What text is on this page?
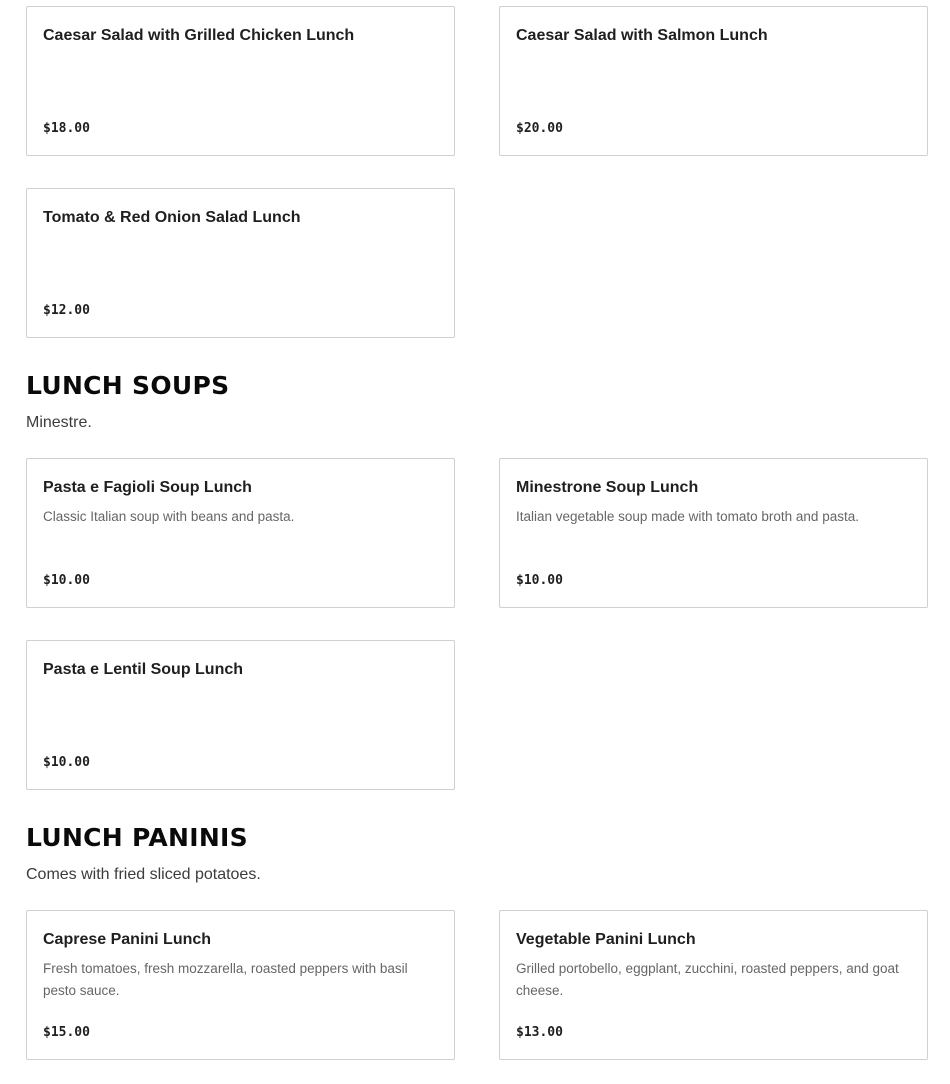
Caesar Salad with Grilled Chicken Lunch
$18.00
Caesar Salad with Salmon Lunch
$20.00
Tomato & Red Onion Salad Lunch
$12.00
LUNCH SOUPS

Minestre.

Pasta e Fagioli Soup Lunch
Classic Italian soup with beans and pasta.
$10.00
Minestrone Soup Lunch
Italian vegetable soup made with tomato broth and pasta.
$10.00
Pasta e Lentil Soup Lunch
$10.00
LUNCH PANINIS

Comes with fried sliced potatoes.

Caprese Panini Lunch
Fresh tomatoes, fresh mozzarella, roasted peppers with basil pesto sauce.
$15.00
Vegetable Panini Lunch
Grilled portobello, eggplant, zucchini, roasted peppers, and goat cheese.
$13.00
